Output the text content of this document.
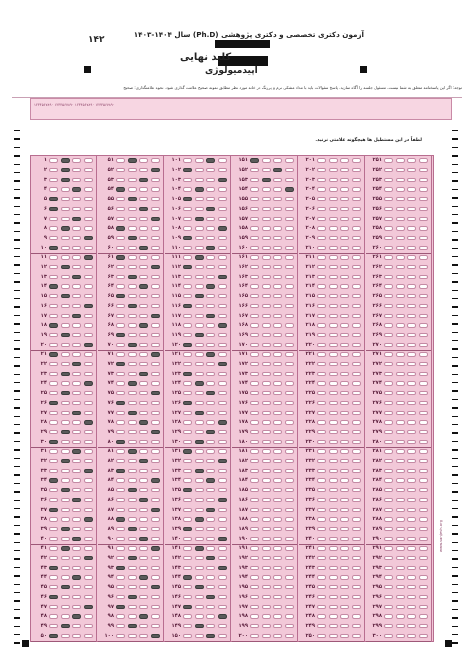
آزمون دکتری تخصصی و دکتری پژوهشی (Ph.D) سال ۱۴۰۴-۱۴۰۳
۱۴۲
کلید نهایی
اپیدمیولوژی
توجه: اگر این پاسخنامه متعلق به شما نیست، مسئول جلسه را آگاه سازید. پاسخ سئوالات باید با مداد مشکی نرم و پررنگ در خانه مورد نظر مطابق نمونه صحیح علامت گذاری شود. نحوه علامتگذاری: صحیح
۱۲۳۴۵۶۷۸۹۰ ۱۲۳۴۵۶۷۸۹۰ ۱۲۳۴۵۶۷۸۹۰ ۱۲۳۴۵۶۷۸۹۰
لطفاً در این مستطیل ها هیچگونه علامتی نزنید.
۱
۲
۳
۴
۵
۶
۷
۸
۹
۱۰
۱۱
۱۲
۱۳
۱۴
۱۵
۱۶
۱۷
۱۸
۱۹
۲۰
۲۱
۲۲
۲۳
۲۴
۲۵
۲۶
۲۷
۲۸
۲۹
۳۰
۳۱
۳۲
۳۳
۳۴
۳۵
۳۶
۳۷
۳۸
۳۹
۴۰
۴۱
۴۲
۴۳
۴۴
۴۵
۴۶
۴۷
۴۸
۴۹
۵۰
۵۱
۵۲
۵۳
۵۴
۵۵
۵۶
۵۷
۵۸
۵۹
۶۰
۶۱
۶۲
۶۳
۶۴
۶۵
۶۶
۶۷
۶۸
۶۹
۷۰
۷۱
۷۲
۷۳
۷۴
۷۵
۷۶
۷۷
۷۸
۷۹
۸۰
۸۱
۸۲
۸۳
۸۴
۸۵
۸۶
۸۷
۸۸
۸۹
۹۰
۹۱
۹۲
۹۳
۹۴
۹۵
۹۶
۹۷
۹۸
۹۹
۱۰۰
۱۰۱
۱۰۲
۱۰۳
۱۰۴
۱۰۵
۱۰۶
۱۰۷
۱۰۸
۱۰۹
۱۱۰
۱۱۱
۱۱۲
۱۱۳
۱۱۴
۱۱۵
۱۱۶
۱۱۷
۱۱۸
۱۱۹
۱۲۰
۱۲۱
۱۲۲
۱۲۳
۱۲۴
۱۲۵
۱۲۶
۱۲۷
۱۲۸
۱۲۹
۱۳۰
۱۳۱
۱۳۲
۱۳۳
۱۳۴
۱۳۵
۱۳۶
۱۳۷
۱۳۸
۱۳۹
۱۴۰
۱۴۱
۱۴۲
۱۴۳
۱۴۴
۱۴۵
۱۴۶
۱۴۷
۱۴۸
۱۴۹
۱۵۰
۱۵۱
۱۵۲
۱۵۳
۱۵۴
۱۵۵
۱۵۶
۱۵۷
۱۵۸
۱۵۹
۱۶۰
۱۶۱
۱۶۲
۱۶۳
۱۶۴
۱۶۵
۱۶۶
۱۶۷
۱۶۸
۱۶۹
۱۷۰
۱۷۱
۱۷۲
۱۷۳
۱۷۴
۱۷۵
۱۷۶
۱۷۷
۱۷۸
۱۷۹
۱۸۰
۱۸۱
۱۸۲
۱۸۳
۱۸۴
۱۸۵
۱۸۶
۱۸۷
۱۸۸
۱۸۹
۱۹۰
۱۹۱
۱۹۲
۱۹۳
۱۹۴
۱۹۵
۱۹۶
۱۹۷
۱۹۸
۱۹۹
۲۰۰
۲۰۱
۲۰۲
۲۰۳
۲۰۴
۲۰۵
۲۰۶
۲۰۷
۲۰۸
۲۰۹
۲۱۰
۲۱۱
۲۱۲
۲۱۳
۲۱۴
۲۱۵
۲۱۶
۲۱۷
۲۱۸
۲۱۹
۲۲۰
۲۲۱
۲۲۲
۲۲۳
۲۲۴
۲۲۵
۲۲۶
۲۲۷
۲۲۸
۲۲۹
۲۳۰
۲۳۱
۲۳۲
۲۳۳
۲۳۴
۲۳۵
۲۳۶
۲۳۷
۲۳۸
۲۳۹
۲۴۰
۲۴۱
۲۴۲
۲۴۳
۲۴۴
۲۴۵
۲۴۶
۲۴۷
۲۴۸
۲۴۹
۲۵۰
۲۵۱
۲۵۲
۲۵۳
۲۵۴
۲۵۵
۲۵۶
۲۵۷
۲۵۸
۲۵۹
۲۶۰
۲۶۱
۲۶۲
۲۶۳
۲۶۴
۲۶۵
۲۶۶
۲۶۷
۲۶۸
۲۶۹
۲۷۰
۲۷۱
۲۷۲
۲۷۳
۲۷۴
۲۷۵
۲۷۶
۲۷۷
۲۷۸
۲۷۹
۲۸۰
۲۸۱
۲۸۲
۲۸۳
۲۸۴
۲۸۵
۲۸۶
۲۸۷
۲۸۸
۲۸۹
۲۹۰
۲۹۱
۲۹۲
۲۹۳
۲۹۴
۲۹۵
۲۹۶
۲۹۷
۲۹۸
۲۹۹
۳۰۰
www.sanjesh.org
